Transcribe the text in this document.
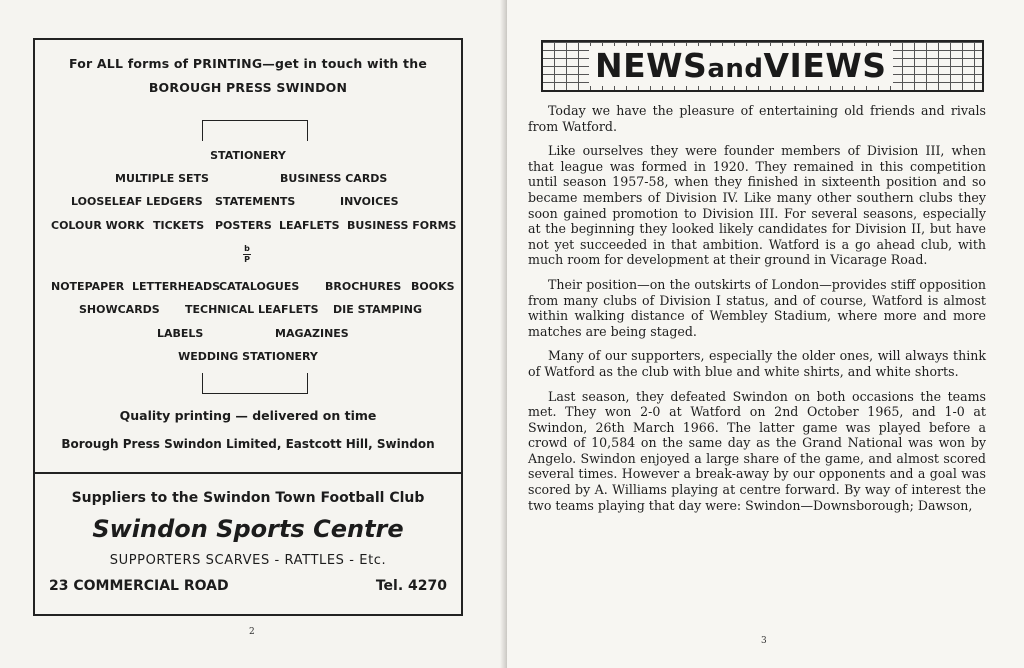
For ALL forms of PRINTING—get in touch with the
BOROUGH PRESS SWINDON
STATIONERY
MULTIPLE SETS	BUSINESS CARDS
LOOSELEAF LEDGERS STATEMENTS	INVOICES
COLOUR WORK TICKETS POSTERS LEAFLETS BUSINESS FORMS
b
P
NOTEPAPER LETTERHEADS
CATALOGUES BROCHURES BOOKS
SHOWCARDS TECHNICAL LEAFLETS DIE STAMPING
LABELS	MAGAZINES
WEDDING STATIONERY
Quality printing — delivered on time
Borough Press Swindon Limited, Eastcott Hill, Swindon
Suppliers to the Swindon Town Football Club
Swindon Sports Centre
SUPPORTERS SCARVES - RATTLES - Etc.
23 COMMERCIAL ROAD	Tel. 4270
2
NEWSandVIEWS

Today we have the pleasure of entertaining old friends and rivals from Watford.

Like ourselves they were founder members of Division III, when that league was formed in 1920. They remained in this competition until season 1957-58, when they finished in sixteenth position and so became members of Division IV. Like many other southern clubs they soon gained promotion to Division III. For several seasons, especially at the beginning they looked likely candidates for Division II, but have not yet succeeded in that ambition. Watford is a go ahead club, with much room for development at their ground in Vicarage Road.

Their position—on the outskirts of London—provides stiff opposition from many clubs of Division I status, and of course, Watford is almost within walking distance of Wembley Stadium, where more and more matches are being staged.

Many of our supporters, especially the older ones, will always think of Watford as the club with blue and white shirts, and white shorts.

Last season, they defeated Swindon on both occasions the teams met. They won 2-0 at Watford on 2nd October 1965, and 1-0 at Swindon, 26th March 1966. The latter game was played before a crowd of 10,584 on the same day as the Grand National was won by Angelo. Swindon enjoyed a large share of the game, and almost scored several times. However a break-away by our opponents and a goal was scored by A. Williams playing at centre forward. By way of interest the two teams playing that day were: Swindon—Downsborough; Dawson,

3
